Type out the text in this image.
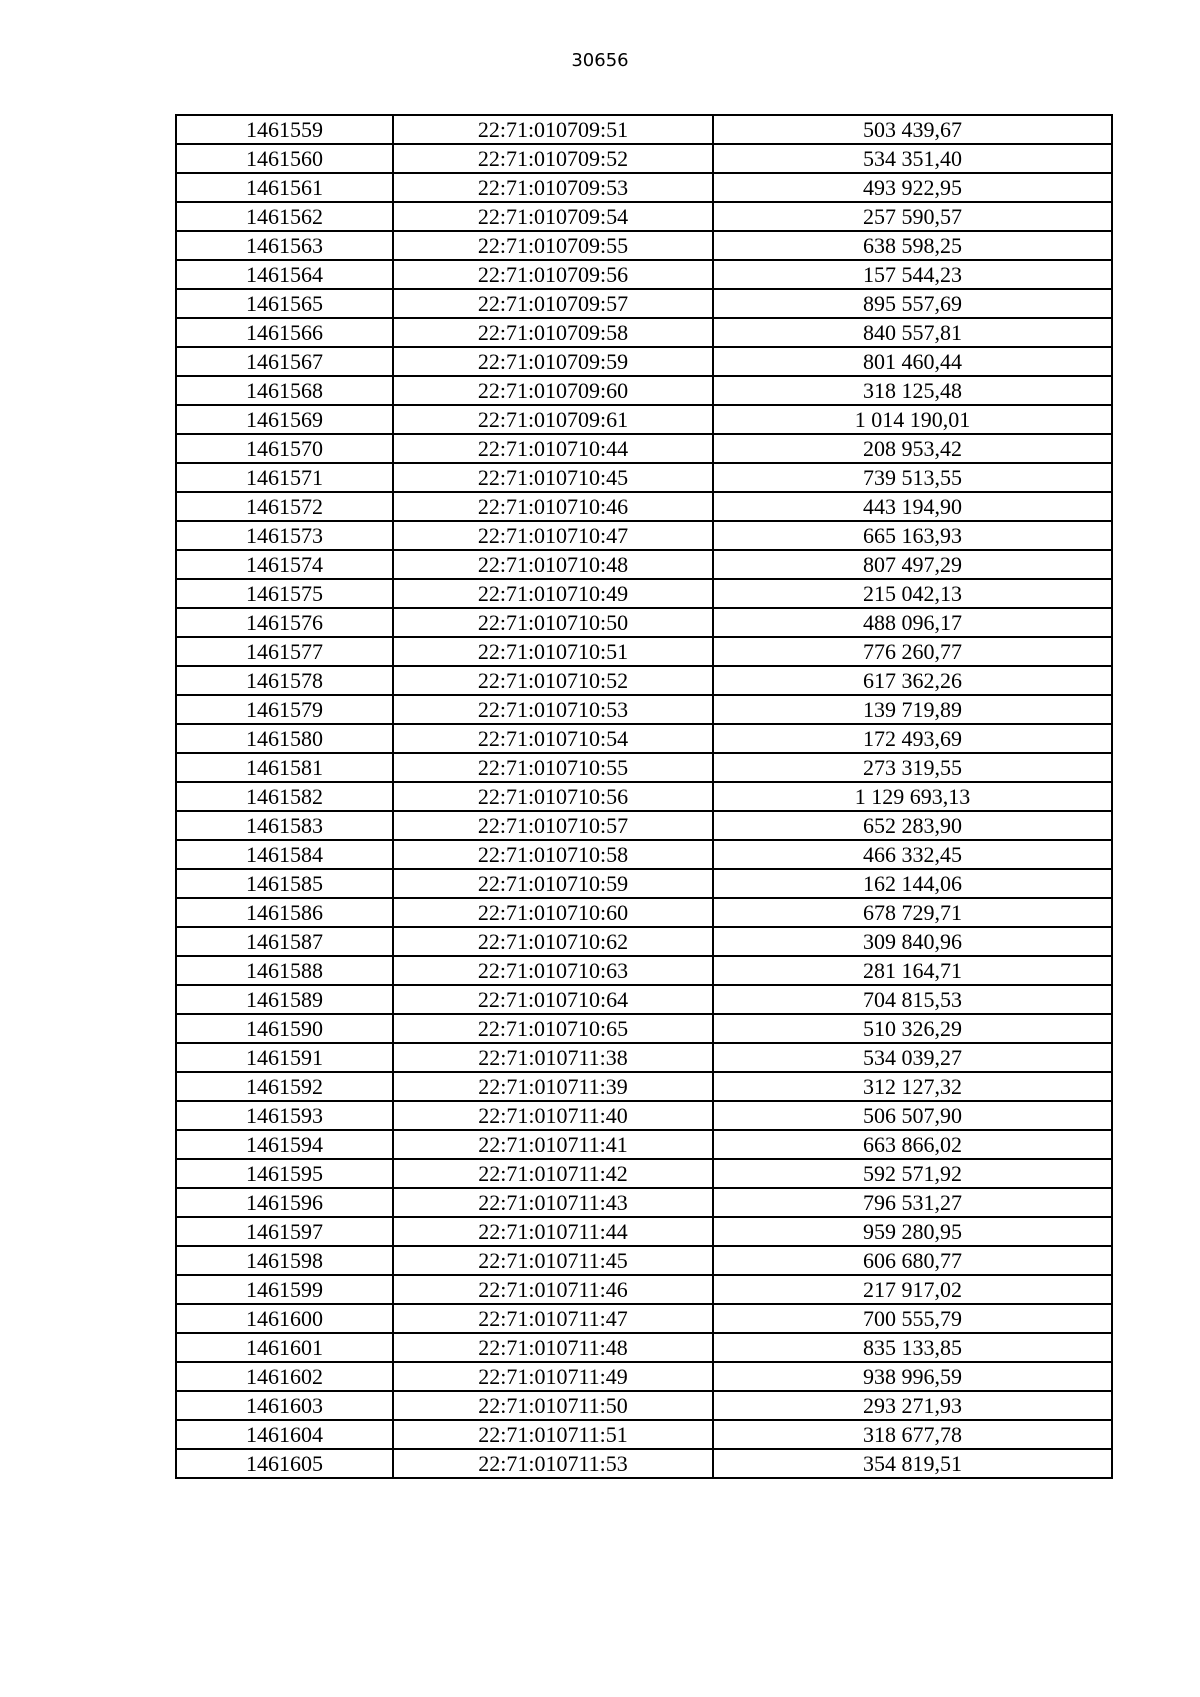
30656
1461559	22:71:010709:51	503 439,67
1461560	22:71:010709:52	534 351,40
1461561	22:71:010709:53	493 922,95
1461562	22:71:010709:54	257 590,57
1461563	22:71:010709:55	638 598,25
1461564	22:71:010709:56	157 544,23
1461565	22:71:010709:57	895 557,69
1461566	22:71:010709:58	840 557,81
1461567	22:71:010709:59	801 460,44
1461568	22:71:010709:60	318 125,48
1461569	22:71:010709:61	1 014 190,01
1461570	22:71:010710:44	208 953,42
1461571	22:71:010710:45	739 513,55
1461572	22:71:010710:46	443 194,90
1461573	22:71:010710:47	665 163,93
1461574	22:71:010710:48	807 497,29
1461575	22:71:010710:49	215 042,13
1461576	22:71:010710:50	488 096,17
1461577	22:71:010710:51	776 260,77
1461578	22:71:010710:52	617 362,26
1461579	22:71:010710:53	139 719,89
1461580	22:71:010710:54	172 493,69
1461581	22:71:010710:55	273 319,55
1461582	22:71:010710:56	1 129 693,13
1461583	22:71:010710:57	652 283,90
1461584	22:71:010710:58	466 332,45
1461585	22:71:010710:59	162 144,06
1461586	22:71:010710:60	678 729,71
1461587	22:71:010710:62	309 840,96
1461588	22:71:010710:63	281 164,71
1461589	22:71:010710:64	704 815,53
1461590	22:71:010710:65	510 326,29
1461591	22:71:010711:38	534 039,27
1461592	22:71:010711:39	312 127,32
1461593	22:71:010711:40	506 507,90
1461594	22:71:010711:41	663 866,02
1461595	22:71:010711:42	592 571,92
1461596	22:71:010711:43	796 531,27
1461597	22:71:010711:44	959 280,95
1461598	22:71:010711:45	606 680,77
1461599	22:71:010711:46	217 917,02
1461600	22:71:010711:47	700 555,79
1461601	22:71:010711:48	835 133,85
1461602	22:71:010711:49	938 996,59
1461603	22:71:010711:50	293 271,93
1461604	22:71:010711:51	318 677,78
1461605	22:71:010711:53	354 819,51
